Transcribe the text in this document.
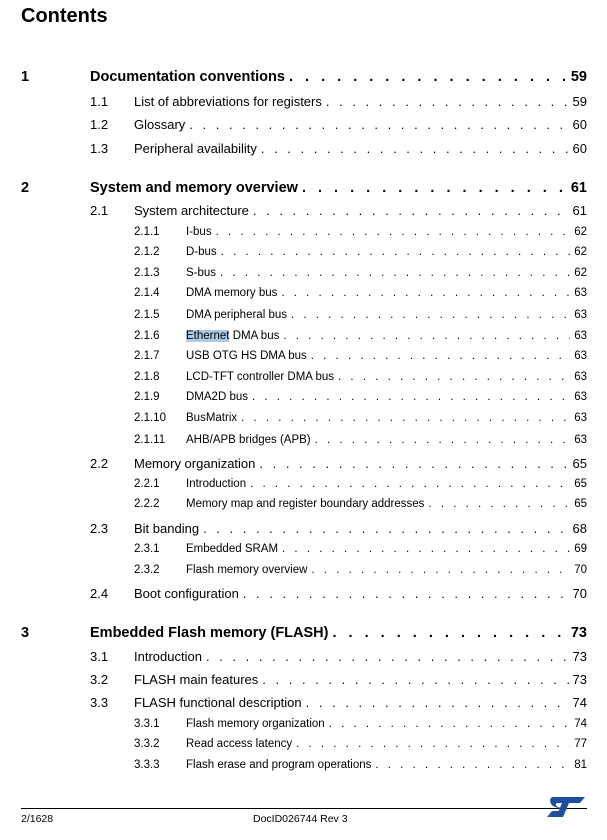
Contents
1	Documentation conventions . . .	59
1.1 List of abbreviations for registers . . .	59
1.2 Glossary . . .	60
1.3 Peripheral availability . . .	60
2	System and memory overview . . .	61
2.1 System architecture . . .	61
2.1.1 I-bus . . .	62
2.1.2 D-bus . . .	62
2.1.3 S-bus . . .	62
2.1.4 DMA memory bus . . .	63
2.1.5 DMA peripheral bus . . .	63
2.1.6 Ethernet DMA bus . . .	63
2.1.7 USB OTG HS DMA bus . . .	63
2.1.8 LCD-TFT controller DMA bus . . .	63
2.1.9 DMA2D bus . . .	63
2.1.10 BusMatrix . . .	63
2.1.11 AHB/APB bridges (APB) . . .	63
2.2 Memory organization . . .	65
2.2.1 Introduction . . .	65
2.2.2 Memory map and register boundary addresses . . .	65
2.3 Bit banding . . .	68
2.3.1 Embedded SRAM . . .	69
2.3.2 Flash memory overview . . .	70
2.4 Boot configuration . . .	70
3	Embedded Flash memory (FLASH) . . .	73
3.1 Introduction . . .	73
3.2 FLASH main features . . .	73
3.3 FLASH functional description . . .	74
3.3.1 Flash memory organization . . .	74
3.3.2 Read access latency . . .	77
3.3.3 Flash erase and program operations . . .	81
2/1628	DocID026744 Rev 3
